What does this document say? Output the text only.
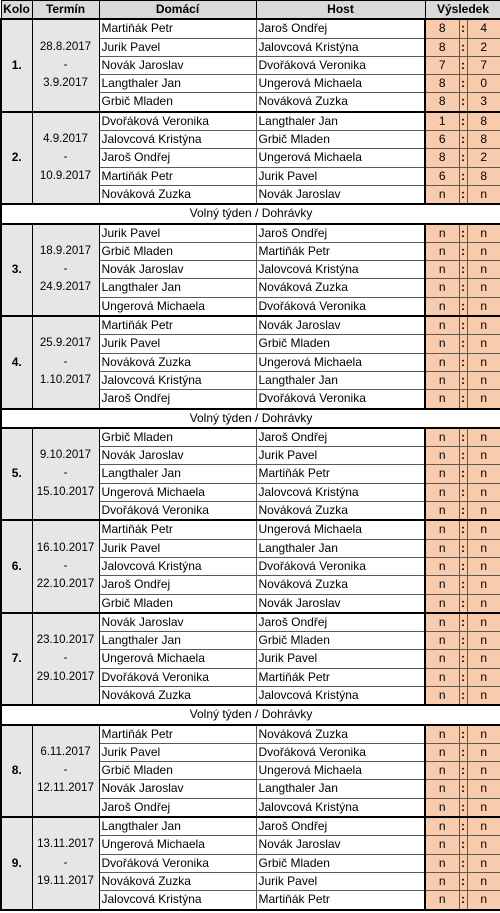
Kolo	Termín	Domácí	Host	Výsledek		
		Martiňák Petr	Jaroš Ondřej	8	:	4
	28.8.2017	Jurik Pavel	Jalovcová Kristýna	8	:	2
1.	-	Novák Jaroslav	Dvořáková Veronika	7	:	7
	3.9.2017	Langthaler Jan	Ungerová Michaela	8	:	0
		Grbič Mladen	Nováková Zuzka	8	:	3
		Dvořáková Veronika	Langthaler Jan	1	:	8
	4.9.2017	Jalovcová Kristýna	Grbič Mladen	6	:	8
2.	-	Jaroš Ondřej	Ungerová Michaela	8	:	2
	10.9.2017	Martiňák Petr	Jurik Pavel	6	:	8
		Nováková Zuzka	Novák Jaroslav	n	:	n
Volný týden / Dohrávky						
		Jurik Pavel	Jaroš Ondřej	n	:	n
	18.9.2017	Grbič Mladen	Martiňák Petr	n	:	n
3.	-	Novák Jaroslav	Jalovcová Kristýna	n	:	n
	24.9.2017	Langthaler Jan	Nováková Zuzka	n	:	n
		Ungerová Michaela	Dvořáková Veronika	n	:	n
		Martiňák Petr	Novák Jaroslav	n	:	n
	25.9.2017	Jurik Pavel	Grbič Mladen	n	:	n
4.	-	Nováková Zuzka	Ungerová Michaela	n	:	n
	1.10.2017	Jalovcová Kristýna	Langthaler Jan	n	:	n
		Jaroš Ondřej	Dvořáková Veronika	n	:	n
Volný týden / Dohrávky						
		Grbič Mladen	Jaroš Ondřej	n	:	n
	9.10.2017	Novák Jaroslav	Jurik Pavel	n	:	n
5.	-	Langthaler Jan	Martiňák Petr	n	:	n
	15.10.2017	Ungerová Michaela	Jalovcová Kristýna	n	:	n
		Dvořáková Veronika	Nováková Zuzka	n	:	n
		Martiňák Petr	Ungerová Michaela	n	:	n
	16.10.2017	Jurik Pavel	Langthaler Jan	n	:	n
6.	-	Jalovcová Kristýna	Dvořáková Veronika	n	:	n
	22.10.2017	Jaroš Ondřej	Nováková Zuzka	n	:	n
		Grbič Mladen	Novák Jaroslav	n	:	n
		Novák Jaroslav	Jaroš Ondřej	n	:	n
	23.10.2017	Langthaler Jan	Grbič Mladen	n	:	n
7.	-	Ungerová Michaela	Jurik Pavel	n	:	n
	29.10.2017	Dvořáková Veronika	Martiňák Petr	n	:	n
		Nováková Zuzka	Jalovcová Kristýna	n	:	n
Volný týden / Dohrávky						
		Martiňák Petr	Nováková Zuzka	n	:	n
	6.11.2017	Jurik Pavel	Dvořáková Veronika	n	:	n
8.	-	Grbič Mladen	Ungerová Michaela	n	:	n
	12.11.2017	Novák Jaroslav	Langthaler Jan	n	:	n
		Jaroš Ondřej	Jalovcová Kristýna	n	:	n
		Langthaler Jan	Jaroš Ondřej	n	:	n
	13.11.2017	Ungerová Michaela	Novák Jaroslav	n	:	n
9.	-	Dvořáková Veronika	Grbič Mladen	n	:	n
	19.11.2017	Nováková Zuzka	Jurik Pavel	n	:	n
		Jalovcová Kristýna	Martiňák Petr	n	:	n
